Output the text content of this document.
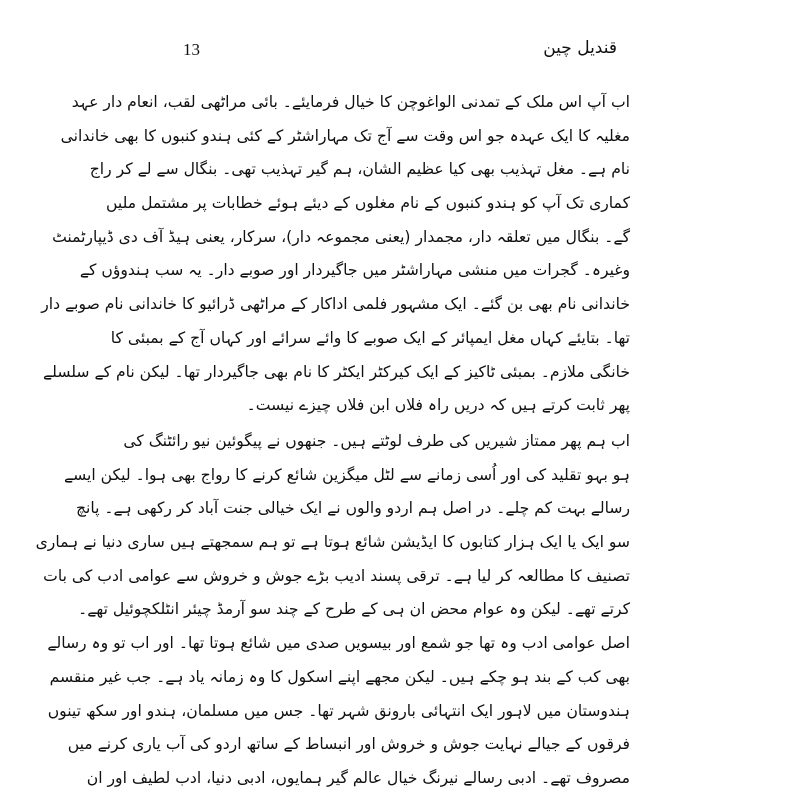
13	قندیل چین
اب آپ اس ملک کے تمدنی الواغوچن کا خیال فرمایئے۔ بائی مراٹھی لقب، انعام دار عہد
مغلیہ کا ایک عہدہ جو اس وقت سے آج تک مہاراشٹر کے کئی ہندو کنبوں کا بھی خاندانی
نام ہے۔ مغل تہذیب بھی کیا عظیم الشان، ہم گیر تہذیب تھی۔ بنگال سے لے کر راج
کماری تک آپ کو ہندو کنبوں کے نام مغلوں کے دیئے ہوئے خطابات پر مشتمل ملیں
گے۔ بنگال میں تعلقہ دار، مجمدار (یعنی مجموعہ دار)، سرکار، یعنی ہیڈ آف دی ڈیپارٹمنٹ
وغیرہ۔ گجرات میں منشی مہاراشٹر میں جاگیردار اور صوبے دار۔ یہ سب ہندوؤں کے
خاندانی نام بھی بن گئے۔ ایک مشہور فلمی اداکار کے مراٹھی ڈرائیو کا خاندانی نام صوبے دار
تھا۔ بتایئے کہاں مغل ایمپائر کے ایک صوبے کا وائے سرائے اور کہاں آج کے بمبئی کا
خانگی ملازم۔ بمبئی ٹاکیز کے ایک کیرکٹر ایکٹر کا نام بھی جاگیردار تھا۔ لیکن نام کے سلسلے
پھر ثابت کرتے ہیں کہ دریں راہ فلاں ابن فلاں چیزے نیست۔
اب ہم پھر ممتاز شیریں کی طرف لوٹتے ہیں۔ جنھوں نے پیگوئین نیو رائٹنگ کی
ہو بہو تقلید کی اور اُسی زمانے سے لٹل میگزین شائع کرنے کا رواج بھی ہوا۔ لیکن ایسے
رسالے بہت کم چلے۔ در اصل ہم اردو والوں نے ایک خیالی جنت آباد کر رکھی ہے۔ پانچ
سو ایک یا ایک ہزار کتابوں کا ایڈیشن شائع ہوتا ہے تو ہم سمجھتے ہیں ساری دنیا نے ہماری
تصنیف کا مطالعہ کر لیا ہے۔ ترقی پسند ادیب بڑے جوش و خروش سے عوامی ادب کی بات
کرتے تھے۔ لیکن وہ عوام محض ان ہی کے طرح کے چند سو آرمڈ چیئر انٹلکچوئیل تھے۔
اصل عوامی ادب وہ تھا جو شمع اور بیسویں صدی میں شائع ہوتا تھا۔ اور اب تو وہ رسالے
بھی کب کے بند ہو چکے ہیں۔ لیکن مجھے اپنے اسکول کا وہ زمانہ یاد ہے۔ جب غیر منقسم
ہندوستان میں لاہور ایک انتہائی بارونق شہر تھا۔ جس میں مسلمان، ہندو اور سکھ تینوں
فرقوں کے جیالے نہایت جوش و خروش اور انبساط کے ساتھ اردو کی آب یاری کرنے میں
مصروف تھے۔ ادبی رسالے نیرنگ خیال عالم گیر ہمایوں، ادبی دنیا، ادب لطیف اور ان
